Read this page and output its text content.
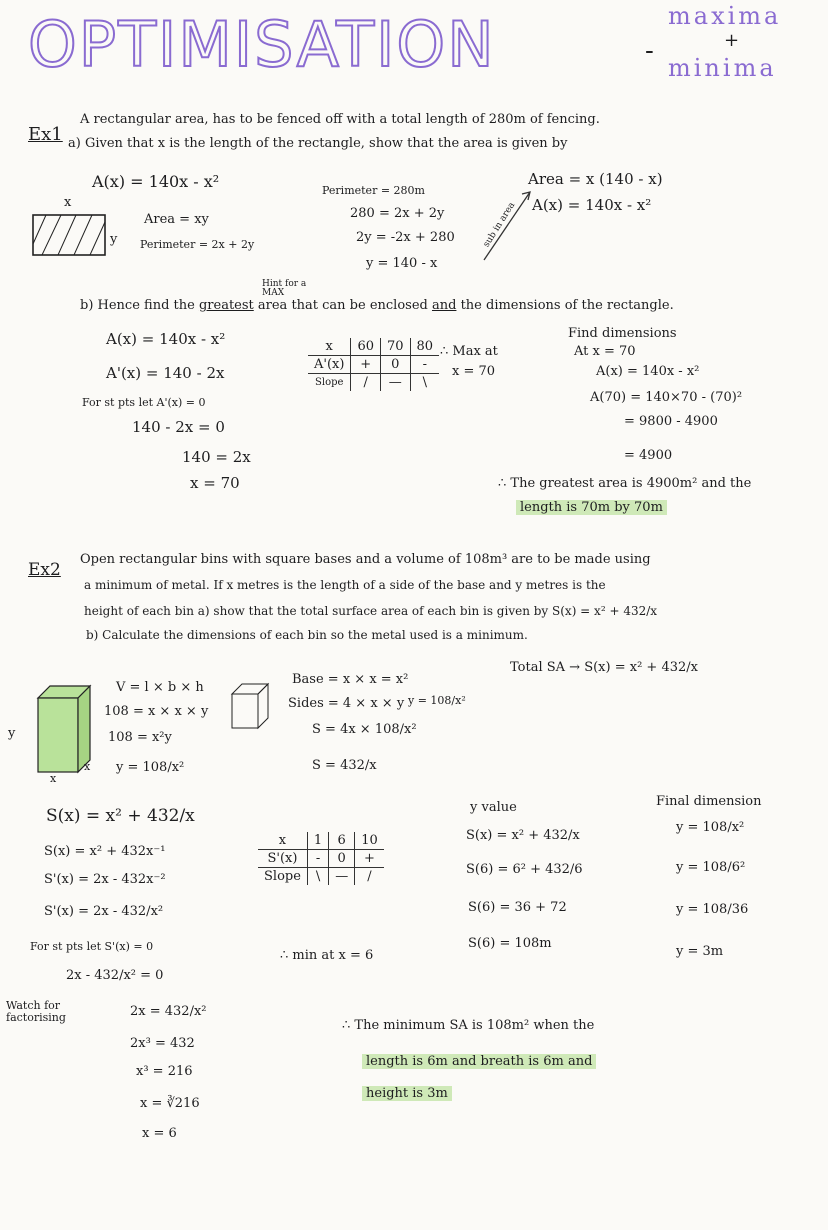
OPTIMISATION	-
maxima
+
minima
Ex1
A rectangular area, has to be fenced off with a total length of 280m of fencing.
a) Given that x is the length of the rectangle, show that the area is given by
A(x) = 140x - x²
x
y
Area = xy
Perimeter = 2x + 2y
Perimeter = 280m
280 = 2x + 2y
2y = -2x + 280
y = 140 - x
sub in area
Area = x (140 - x)
A(x) = 140x - x²
Hint for a MAX
b) Hence find the greatest area that can be enclosed and the dimensions of the rectangle.
A(x) = 140x - x²
A'(x) = 140 - 2x
For st pts let A'(x) = 0
140 - 2x = 0
140 = 2x
x = 70
x	60	70	80
A'(x)	+	0	-
Slope	/	—	\
∴ Max at
x = 70
Find dimensions
At x = 70
A(x) = 140x - x²
A(70) = 140×70 - (70)²
= 9800 - 4900
= 4900
∴ The greatest area is 4900m² and the
length is 70m by 70m
Ex2
Open rectangular bins with square bases and a volume of 108m³ are to be made using
a minimum of metal. If x metres is the length of a side of the base and y metres is the
height of each bin a) show that the total surface area of each bin is given by S(x) = x² + 432/x
b) Calculate the dimensions of each bin so the metal used is a minimum.
y
x
x
V = l × b × h
108 = x × x × y
108 = x²y
y = 108/x²
Base = x × x = x²
Sides = 4 × x × y y = 108/x²
S = 4x × 108/x²
S = 432/x
Total SA → S(x) = x² + 432/x
S(x) = x² + 432/x
S(x) = x² + 432x⁻¹
S'(x) = 2x - 432x⁻²
S'(x) = 2x - 432/x²
For st pts let S'(x) = 0
2x - 432/x² = 0
2x = 432/x²
2x³ = 432
x³ = 216
x = ∛216
x = 6
Watch for factorising
x	1	6	10
S'(x)	-	0	+
Slope	\	—	/
∴ min at x = 6
y value
S(x) = x² + 432/x
S(6) = 6² + 432/6
S(6) = 36 + 72
S(6) = 108m
Final dimension
y = 108/x²
y = 108/6²
y = 108/36
y = 3m
∴ The minimum SA is 108m² when the
length is 6m and breath is 6m and
height is 3m
